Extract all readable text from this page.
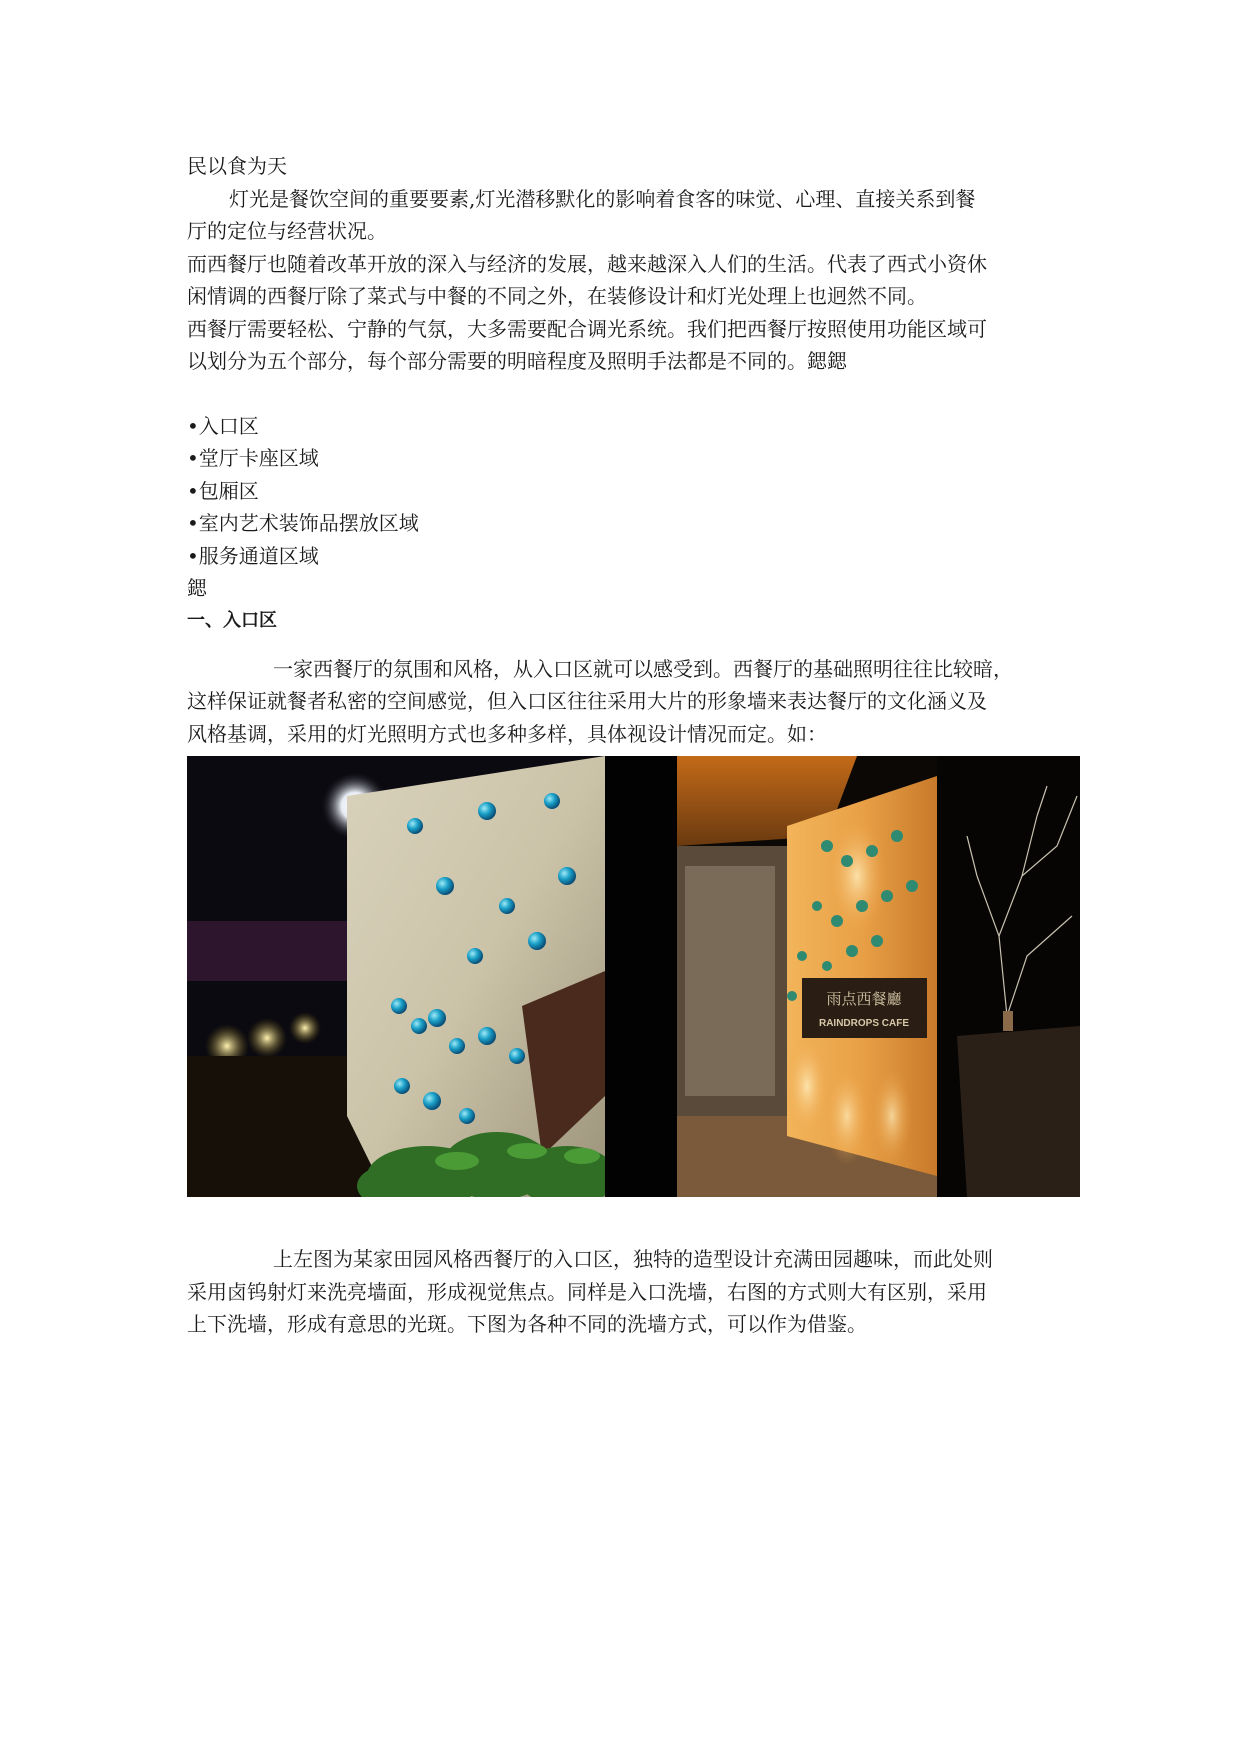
民以食为天

灯光是餐饮空间的重要要素,灯光潜移默化的影响着食客的味觉、心理、直接关系到餐

厅的定位与经营状况。

而西餐厅也随着改革开放的深入与经济的发展，越来越深入人们的生活。代表了西式小资休

闲情调的西餐厅除了菜式与中餐的不同之外，在装修设计和灯光处理上也迥然不同。

西餐厅需要轻松、宁静的气氛，大多需要配合调光系统。我们把西餐厅按照使用功能区域可

以划分为五个部分，每个部分需要的明暗程度及照明手法都是不同的。鍶鍶

•入口区

•堂厅卡座区域

•包厢区

•室内艺术装饰品摆放区域

•服务通道区域

鍶

一、入口区

一家西餐厅的氛围和风格，从入口区就可以感受到。西餐厅的基础照明往往比较暗，

这样保证就餐者私密的空间感觉，但入口区往往采用大片的形象墙来表达餐厅的文化涵义及

风格基调，采用的灯光照明方式也多种多样，具体视设计情况而定。如：

雨点西餐廳
RAINDROPS CAFE

上左图为某家田园风格西餐厅的入口区，独特的造型设计充满田园趣味，而此处则

采用卤钨射灯来洗亮墙面，形成视觉焦点。同样是入口洗墙，右图的方式则大有区别，采用

上下洗墙，形成有意思的光斑。下图为各种不同的洗墙方式，可以作为借鉴。
